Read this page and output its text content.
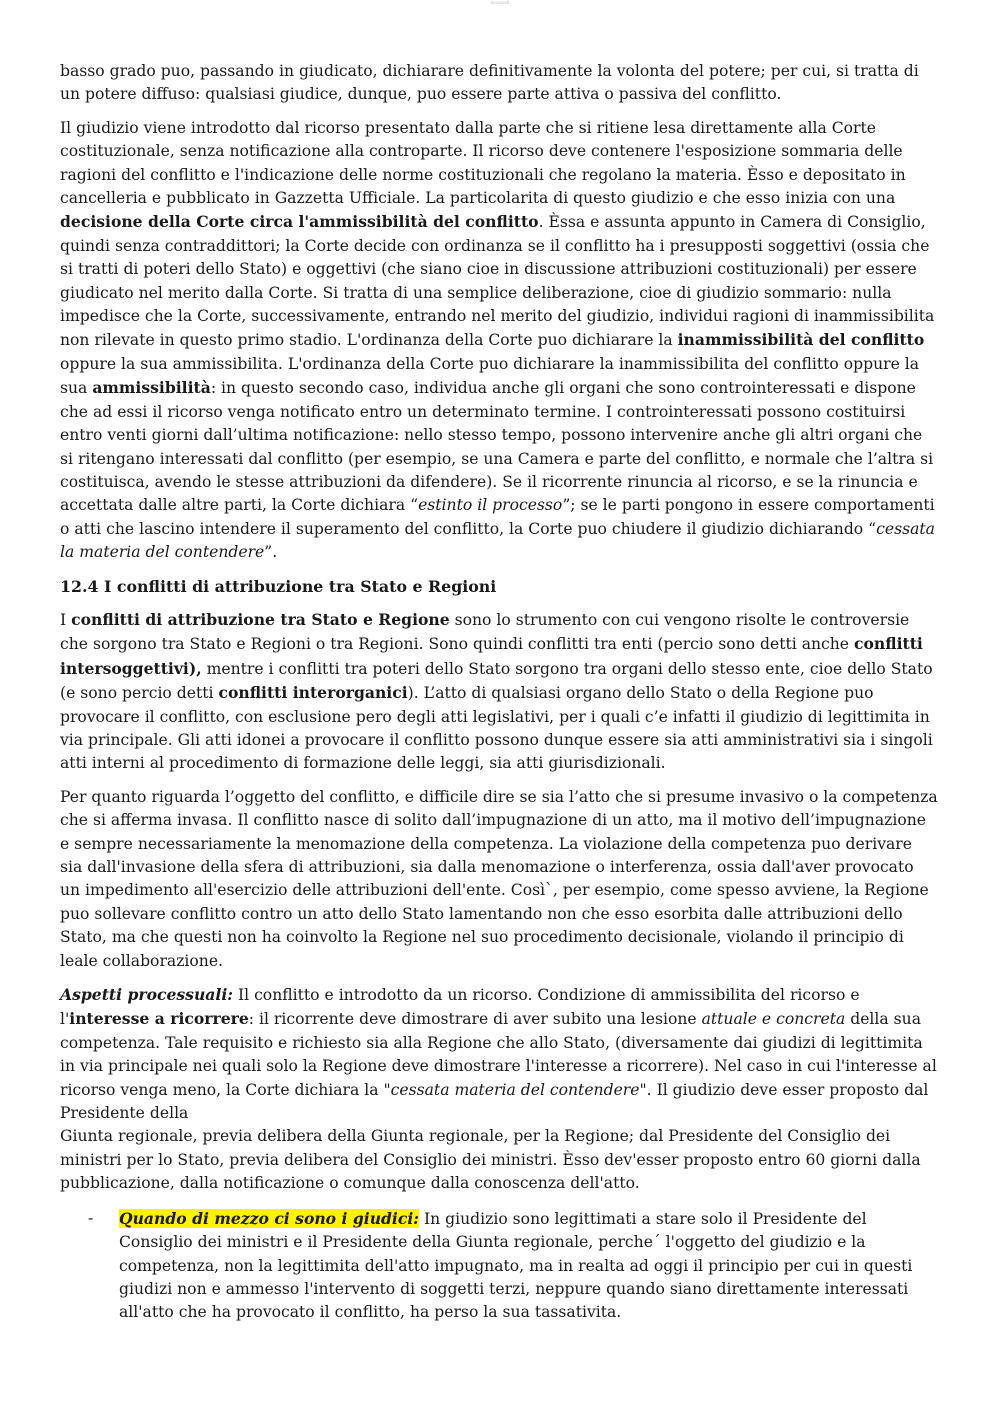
accessati

basso grado puo, passando in giudicato, dichiarare definitivamente la volonta del potere; per cui, si tratta di un potere diffuso: qualsiasi giudice, dunque, puo essere parte attiva o passiva del conflitto.

Il giudizio viene introdotto dal ricorso presentato dalla parte che si ritiene lesa direttamente alla Corte costituzionale, senza notificazione alla controparte. Il ricorso deve contenere l'esposizione sommaria delle ragioni del conflitto e l'indicazione delle norme costituzionali che regolano la materia. Èsso e depositato in cancelleria e pubblicato in Gazzetta Ufficiale. La particolarita di questo giudizio e che esso inizia con una decisione della Corte circa l'ammissibilità del conflitto. Èssa e assunta appunto in Camera di Consiglio, quindi senza contraddittori; la Corte decide con ordinanza se il conflitto ha i presupposti soggettivi (ossia che si tratti di poteri dello Stato) e oggettivi (che siano cioe in discussione attribuzioni costituzionali) per essere giudicato nel merito dalla Corte. Si tratta di una semplice deliberazione, cioe di giudizio sommario: nulla impedisce che la Corte, successivamente, entrando nel merito del giudizio, individui ragioni di inammissibilita non rilevate in questo primo stadio. L'ordinanza della Corte puo dichiarare la inammissibilità del conflitto oppure la sua ammissibilita. L'ordinanza della Corte puo dichiarare la inammissibilita del conflitto oppure la sua ammissibilità: in questo secondo caso, individua anche gli organi che sono controinteressati e dispone che ad essi il ricorso venga notificato entro un determinato termine. I controinteressati possono costituirsi entro venti giorni dall’ultima notificazione: nello stesso tempo, possono intervenire anche gli altri organi che si ritengano interessati dal conflitto (per esempio, se una Camera e parte del conflitto, e normale che l’altra si costituisca, avendo le stesse attribuzioni da difendere). Se il ricorrente rinuncia al ricorso, e se la rinuncia e accettata dalle altre parti, la Corte dichiara “estinto il processo”; se le parti pongono in essere comportamenti o atti che lascino intendere il superamento del conflitto, la Corte puo chiudere il giudizio dichiarando “cessata la materia del contendere”.

12.4 I conflitti di attribuzione tra Stato e Regioni

I conflitti di attribuzione tra Stato e Regione sono lo strumento con cui vengono risolte le controversie che sorgono tra Stato e Regioni o tra Regioni. Sono quindi conflitti tra enti (percio sono detti anche conflitti intersoggettivi), mentre i conflitti tra poteri dello Stato sorgono tra organi dello stesso ente, cioe dello Stato (e sono percio detti conflitti interorganici). L’atto di qualsiasi organo dello Stato o della Regione puo provocare il conflitto, con esclusione pero degli atti legislativi, per i quali c’e infatti il giudizio di legittimita in via principale. Gli atti idonei a provocare il conflitto possono dunque essere sia atti amministrativi sia i singoli atti interni al procedimento di formazione delle leggi, sia atti giurisdizionali.

Per quanto riguarda l’oggetto del conflitto, e difficile dire se sia l’atto che si presume invasivo o la competenza che si afferma invasa. Il conflitto nasce di solito dall’impugnazione di un atto, ma il motivo dell’impugnazione e sempre necessariamente la menomazione della competenza. La violazione della competenza puo derivare sia dall'invasione della sfera di attribuzioni, sia dalla menomazione o interferenza, ossia dall'aver provocato un impedimento all'esercizio delle attribuzioni dell'ente. Così`, per esempio, come spesso avviene, la Regione puo sollevare conflitto contro un atto dello Stato lamentando non che esso esorbita dalle attribuzioni dello Stato, ma che questi non ha coinvolto la Regione nel suo procedimento decisionale, violando il principio di leale collaborazione.

Aspetti processuali: Il conflitto e introdotto da un ricorso. Condizione di ammissibilita del ricorso e l'interesse a ricorrere: il ricorrente deve dimostrare di aver subito una lesione attuale e concreta della sua competenza. Tale requisito e richiesto sia alla Regione che allo Stato, (diversamente dai giudizi di legittimita in via principale nei quali solo la Regione deve dimostrare l'interesse a ricorrere). Nel caso in cui l'interesse al ricorso venga meno, la Corte dichiara la "cessata materia del contendere". Il giudizio deve esser proposto dal Presidente della
Giunta regionale, previa delibera della Giunta regionale, per la Regione; dal Presidente del Consiglio dei ministri per lo Stato, previa delibera del Consiglio dei ministri. Èsso dev'esser proposto entro 60 giorni dalla pubblicazione, dalla notificazione o comunque dalla conoscenza dell'atto.

- Quando di mezzo ci sono i giudici: In giudizio sono legittimati a stare solo il Presidente del Consiglio dei ministri e il Presidente della Giunta regionale, perche´ l'oggetto del giudizio e la competenza, non la legittimita dell'atto impugnato, ma in realta ad oggi il principio per cui in questi giudizi non e ammesso l'intervento di soggetti terzi, neppure quando siano direttamente interessati all'atto che ha provocato il conflitto, ha perso la sua tassativita.
